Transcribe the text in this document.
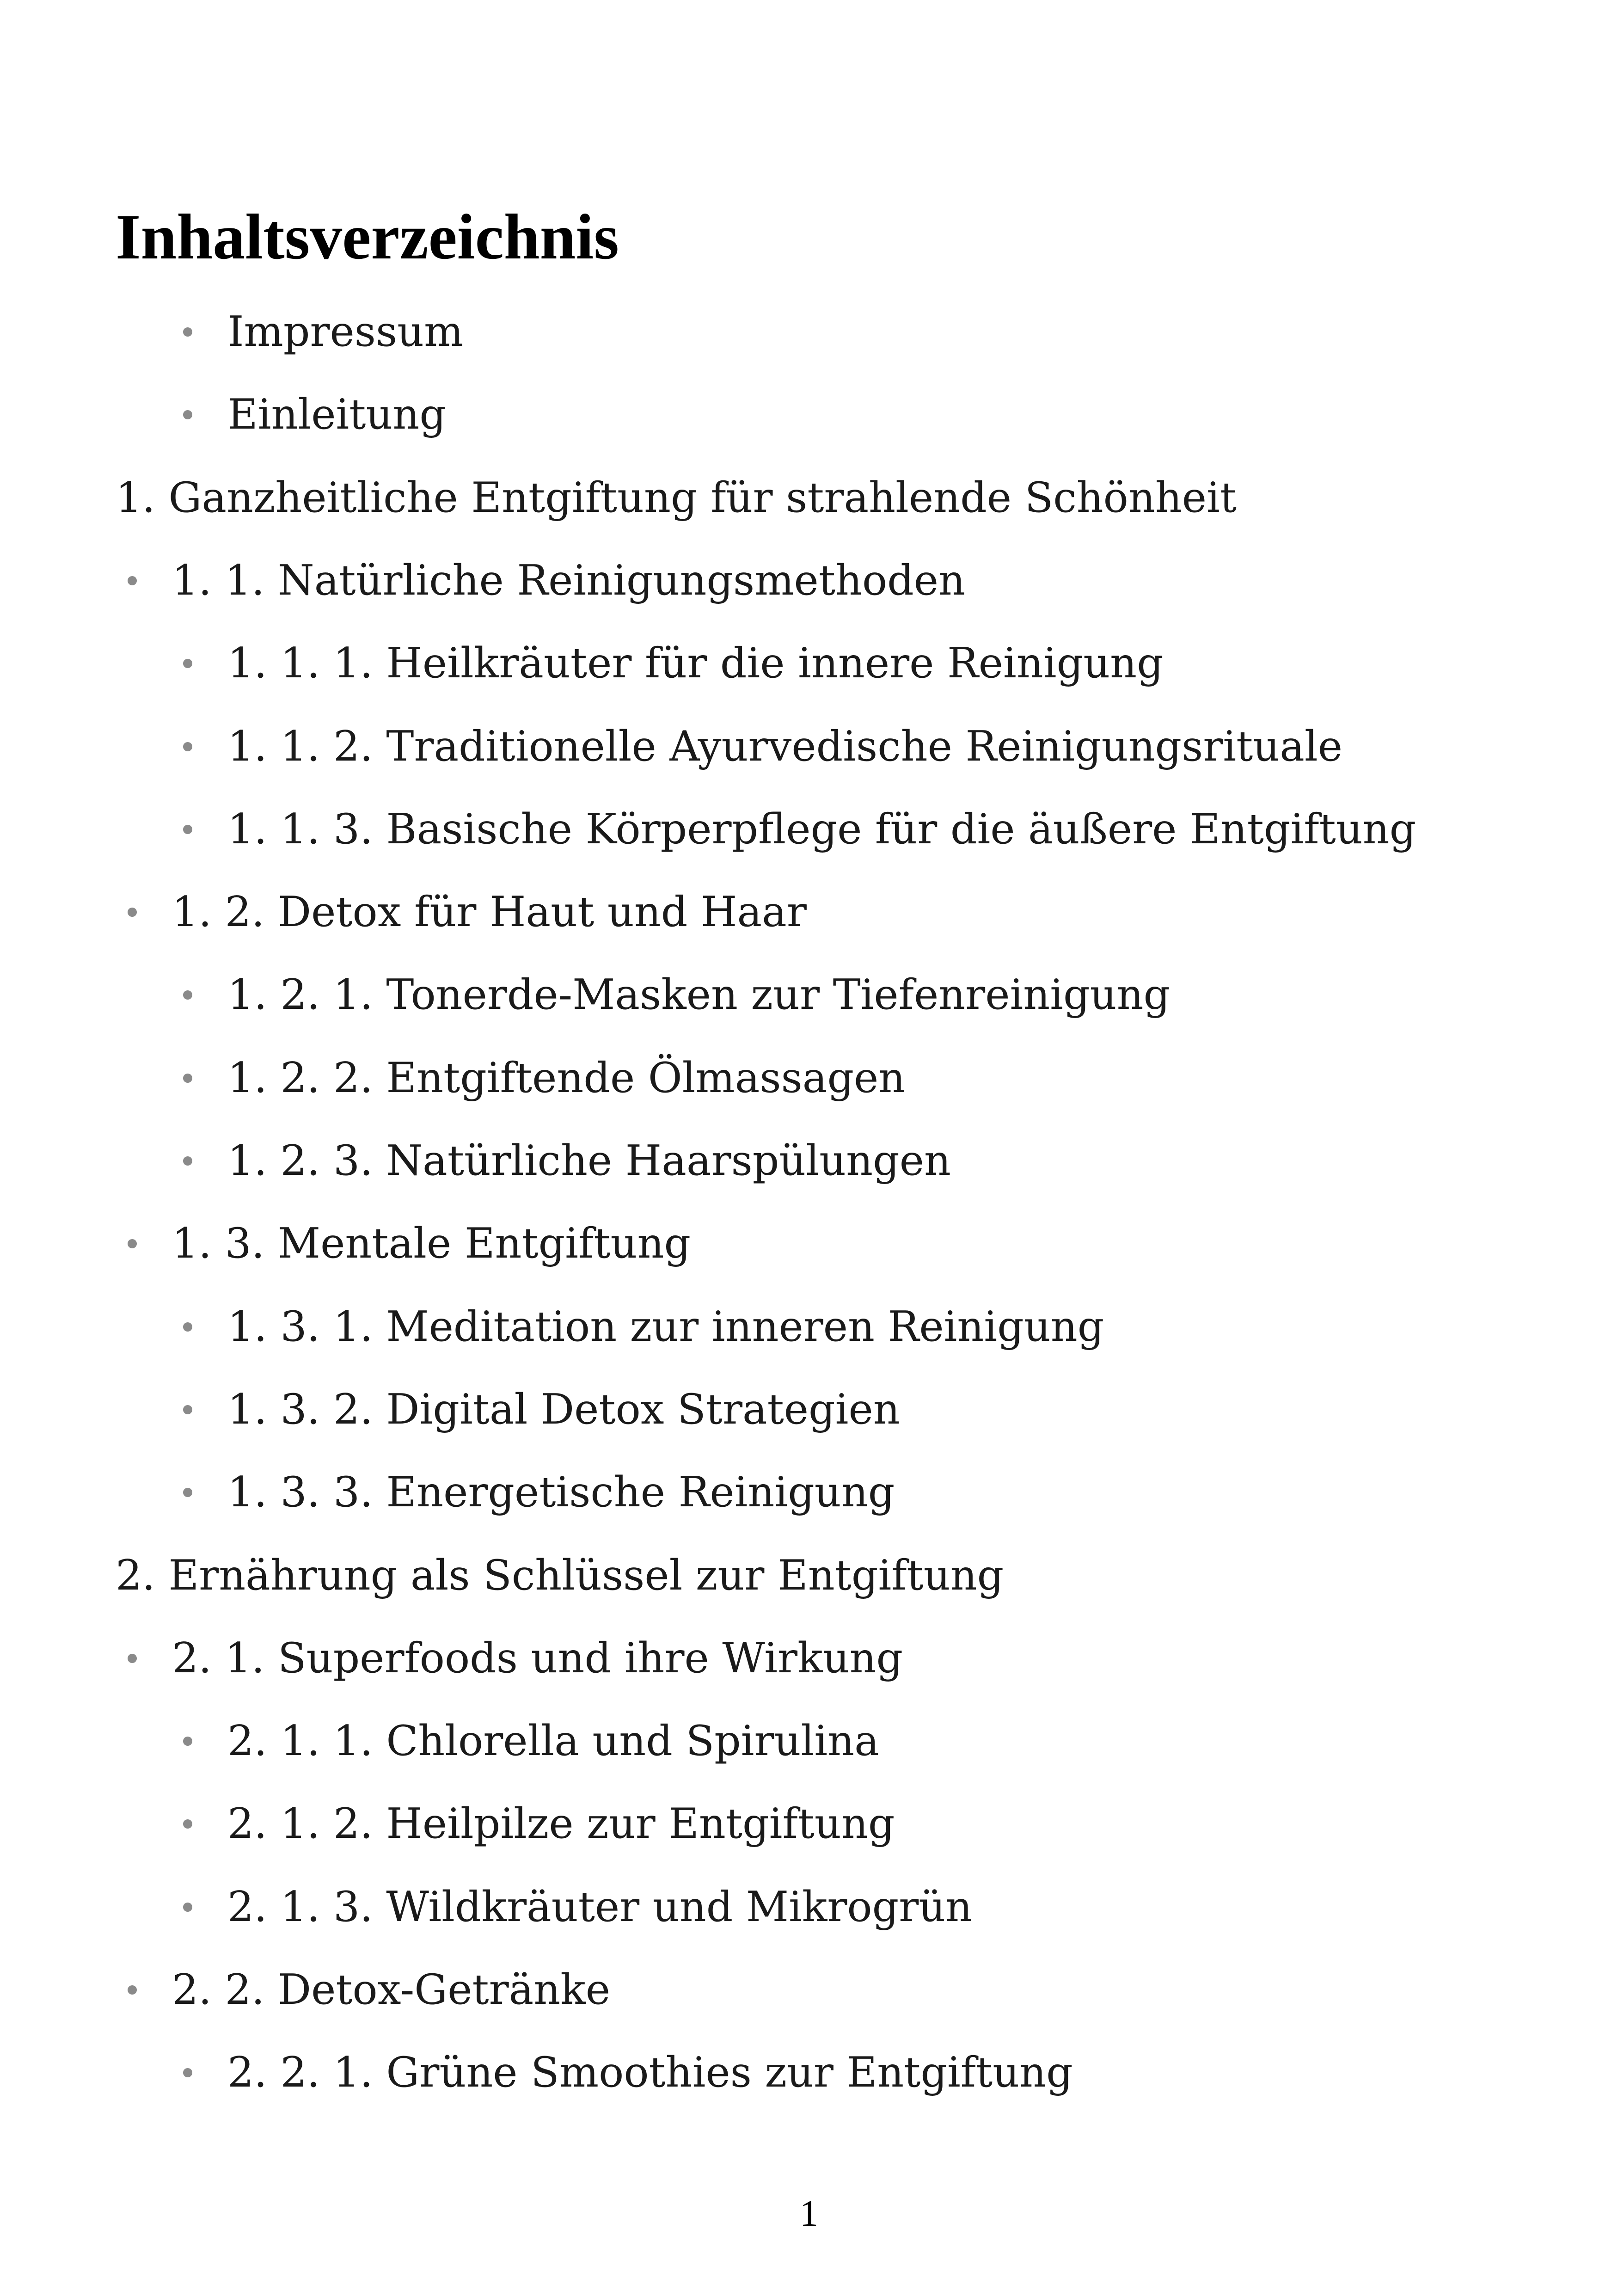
Inhaltsverzeichnis
Impressum
Einleitung
1. Ganzheitliche Entgiftung für strahlende Schönheit
1. 1. Natürliche Reinigungsmethoden
1. 1. 1. Heilkräuter für die innere Reinigung
1. 1. 2. Traditionelle Ayurvedische Reinigungsrituale
1. 1. 3. Basische Körperpflege für die äußere Entgiftung
1. 2. Detox für Haut und Haar
1. 2. 1. Tonerde-Masken zur Tiefenreinigung
1. 2. 2. Entgiftende Ölmassagen
1. 2. 3. Natürliche Haarspülungen
1. 3. Mentale Entgiftung
1. 3. 1. Meditation zur inneren Reinigung
1. 3. 2. Digital Detox Strategien
1. 3. 3. Energetische Reinigung
2. Ernährung als Schlüssel zur Entgiftung
2. 1. Superfoods und ihre Wirkung
2. 1. 1. Chlorella und Spirulina
2. 1. 2. Heilpilze zur Entgiftung
2. 1. 3. Wildkräuter und Mikrogrün
2. 2. Detox-Getränke
2. 2. 1. Grüne Smoothies zur Entgiftung
1
